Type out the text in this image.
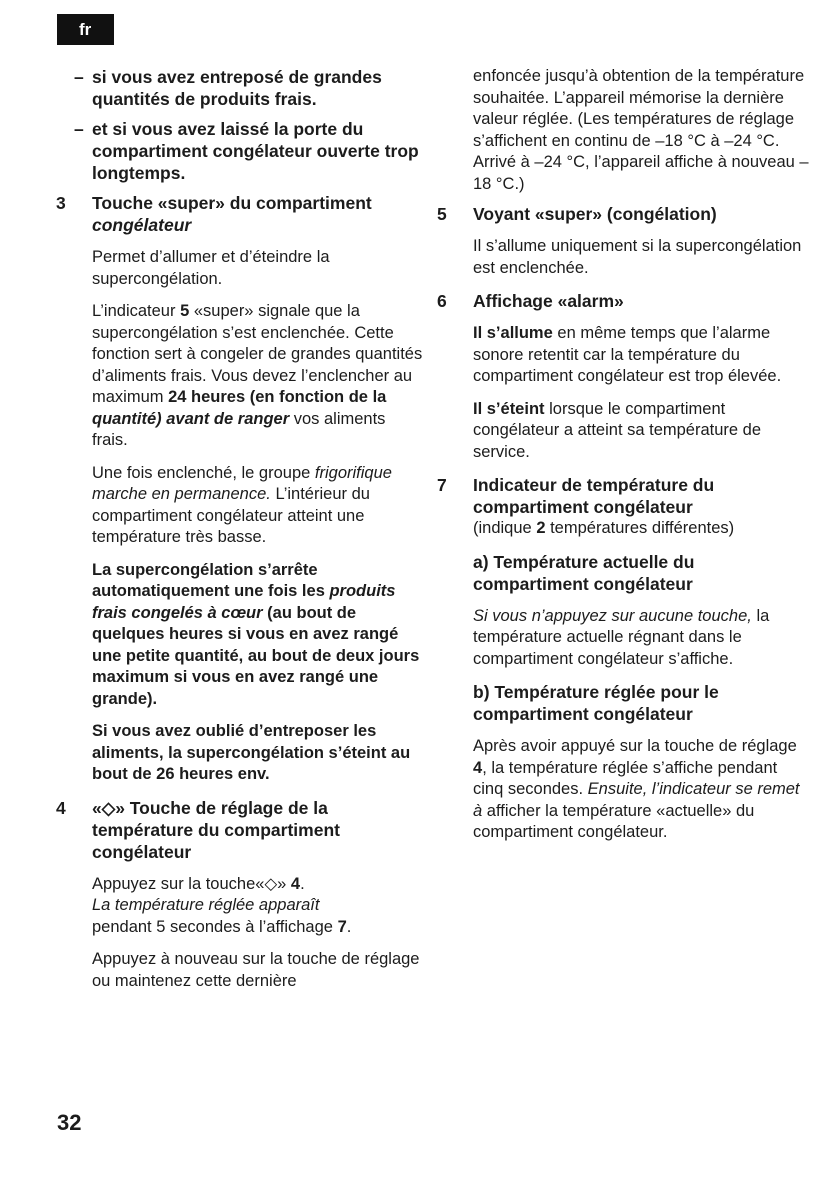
fr
– si vous avez entreposé de grandes quantités de produits frais.

– et si vous avez laissé la porte du compartiment congélateur ouverte trop longtemps.

3 Touche «super» du compartiment congélateur

Permet d’allumer et d’éteindre la supercongélation.

L’indicateur 5 «super» signale que la supercongélation s’est enclenchée. Cette fonction sert à congeler de grandes quantités d’aliments frais. Vous devez l’enclencher au maximum 24 heures (en fonction de la quantité) avant de ranger vos aliments frais.

Une fois enclenché, le groupe frigorifique marche en permanence. L’intérieur du compartiment congélateur atteint une température très basse.

La supercongélation s’arrête automatiquement une fois les produits frais congelés à cœur (au bout de quelques heures si vous en avez rangé une petite quantité, au bout de deux jours maximum si vous en avez rangé une grande).

Si vous avez oublié d’entreposer les aliments, la supercongélation s’éteint au bout de 26 heures env.

4 «◇» Touche de réglage de la température du compartiment congélateur

Appuyez sur la touche«◇» 4.
La température réglée apparaît
pendant 5 secondes à l’affichage 7.

Appuyez à nouveau sur la touche de réglage ou maintenez cette dernière

enfoncée jusqu’à obtention de la température souhaitée. L’appareil mémorise la dernière valeur réglée. (Les températures de réglage s’affichent en continu de –18 °C à –24 °C. Arrivé à –24 °C, l’appareil affiche à nouveau –18 °C.)

5 Voyant «super» (congélation)

Il s’allume uniquement si la supercongélation est enclenchée.

6 Affichage «alarm»

Il s’allume en même temps que l’alarme sonore retentit car la température du compartiment congélateur est trop élevée.

Il s’éteint lorsque le compartiment congélateur a atteint sa température de service.

7 Indicateur de température du compartiment congélateur

(indique 2 températures différentes)

a) Température actuelle du compartiment congélateur

Si vous n’appuyez sur aucune touche, la température actuelle régnant dans le compartiment congélateur s’affiche.

b) Température réglée pour le compartiment congélateur

Après avoir appuyé sur la touche de réglage 4, la température réglée s’affiche pendant cinq secondes. Ensuite, l’indicateur se remet à afficher la température «actuelle» du compartiment congélateur.

32
